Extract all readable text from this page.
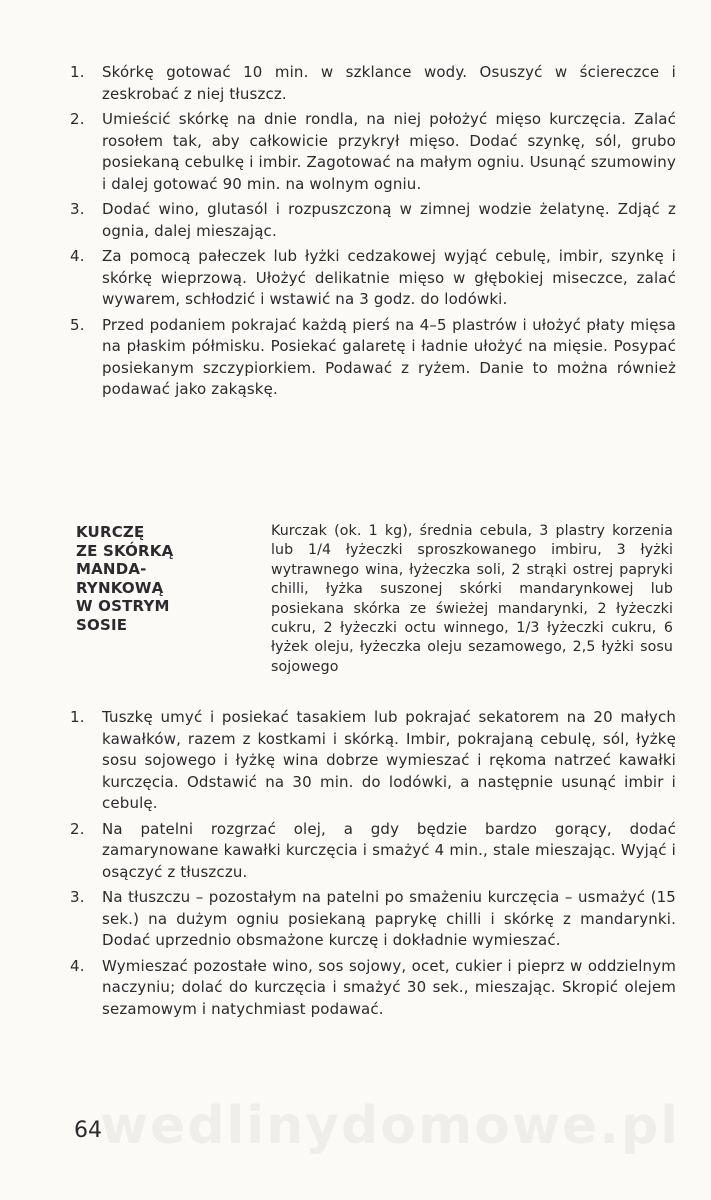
1. Skórkę gotować 10 min. w szklance wody. Osuszyć w ściereczce i zeskrobać z niej tłuszcz.
2. Umieścić skórkę na dnie rondla, na niej położyć mięso kurczęcia. Zalać rosołem tak, aby całkowicie przykrył mięso. Dodać szynkę, sól, grubo posiekaną cebulkę i imbir. Zagotować na małym ogniu. Usunąć szumowiny i dalej gotować 90 min. na wolnym ogniu.
3. Dodać wino, glutasól i rozpuszczoną w zimnej wodzie żelatynę. Zdjąć z ognia, dalej mieszając.
4. Za pomocą pałeczek lub łyżki cedzakowej wyjąć cebulę, imbir, szynkę i skórkę wieprzową. Ułożyć delikatnie mięso w głębokiej miseczce, zalać wywarem, schłodzić i wstawić na 3 godz. do lodówki.
5. Przed podaniem pokrajać każdą pierś na 4–5 plastrów i ułożyć płaty mięsa na płaskim półmisku. Posiekać galaretę i ładnie ułożyć na mięsie. Posypać posiekanym szczypiorkiem. Podawać z ryżem. Danie to można również podawać jako zakąskę.
KURCZĘ
ZE SKÓRKĄ
MANDA-
RYNKOWĄ
W OSTRYM
SOSIE
Kurczak (ok. 1 kg), średnia cebula, 3 plastry korzenia lub 1/4 łyżeczki sproszkowanego imbiru, 3 łyżki wytrawnego wina, łyżeczka soli, 2 strąki ostrej papryki chilli, łyżka suszonej skórki mandarynkowej lub posiekana skórka ze świeżej mandarynki, 2 łyżeczki cukru, 2 łyżeczki octu winnego, 1/3 łyżeczki cukru, 6 łyżek oleju, łyżeczka oleju sezamowego, 2,5 łyżki sosu sojowego
1. Tuszkę umyć i posiekać tasakiem lub pokrajać sekatorem na 20 małych kawałków, razem z kostkami i skórką. Imbir, pokrajaną cebulę, sól, łyżkę sosu sojowego i łyżkę wina dobrze wymieszać i rękoma natrzeć kawałki kurczęcia. Odstawić na 30 min. do lodówki, a następnie usunąć imbir i cebulę.
2. Na patelni rozgrzać olej, a gdy będzie bardzo gorący, dodać zamarynowane kawałki kurczęcia i smażyć 4 min., stale mieszając. Wyjąć i osączyć z tłuszczu.
3. Na tłuszczu – pozostałym na patelni po smażeniu kurczęcia – usmażyć (15 sek.) na dużym ogniu posiekaną paprykę chilli i skórkę z mandarynki. Dodać uprzednio obsmażone kurczę i dokładnie wymieszać.
4. Wymieszać pozostałe wino, sos sojowy, ocet, cukier i pieprz w oddzielnym naczyniu; dolać do kurczęcia i smażyć 30 sek., mieszając. Skropić olejem sezamowym i natychmiast podawać.
wedlinydomowe.pl
64
